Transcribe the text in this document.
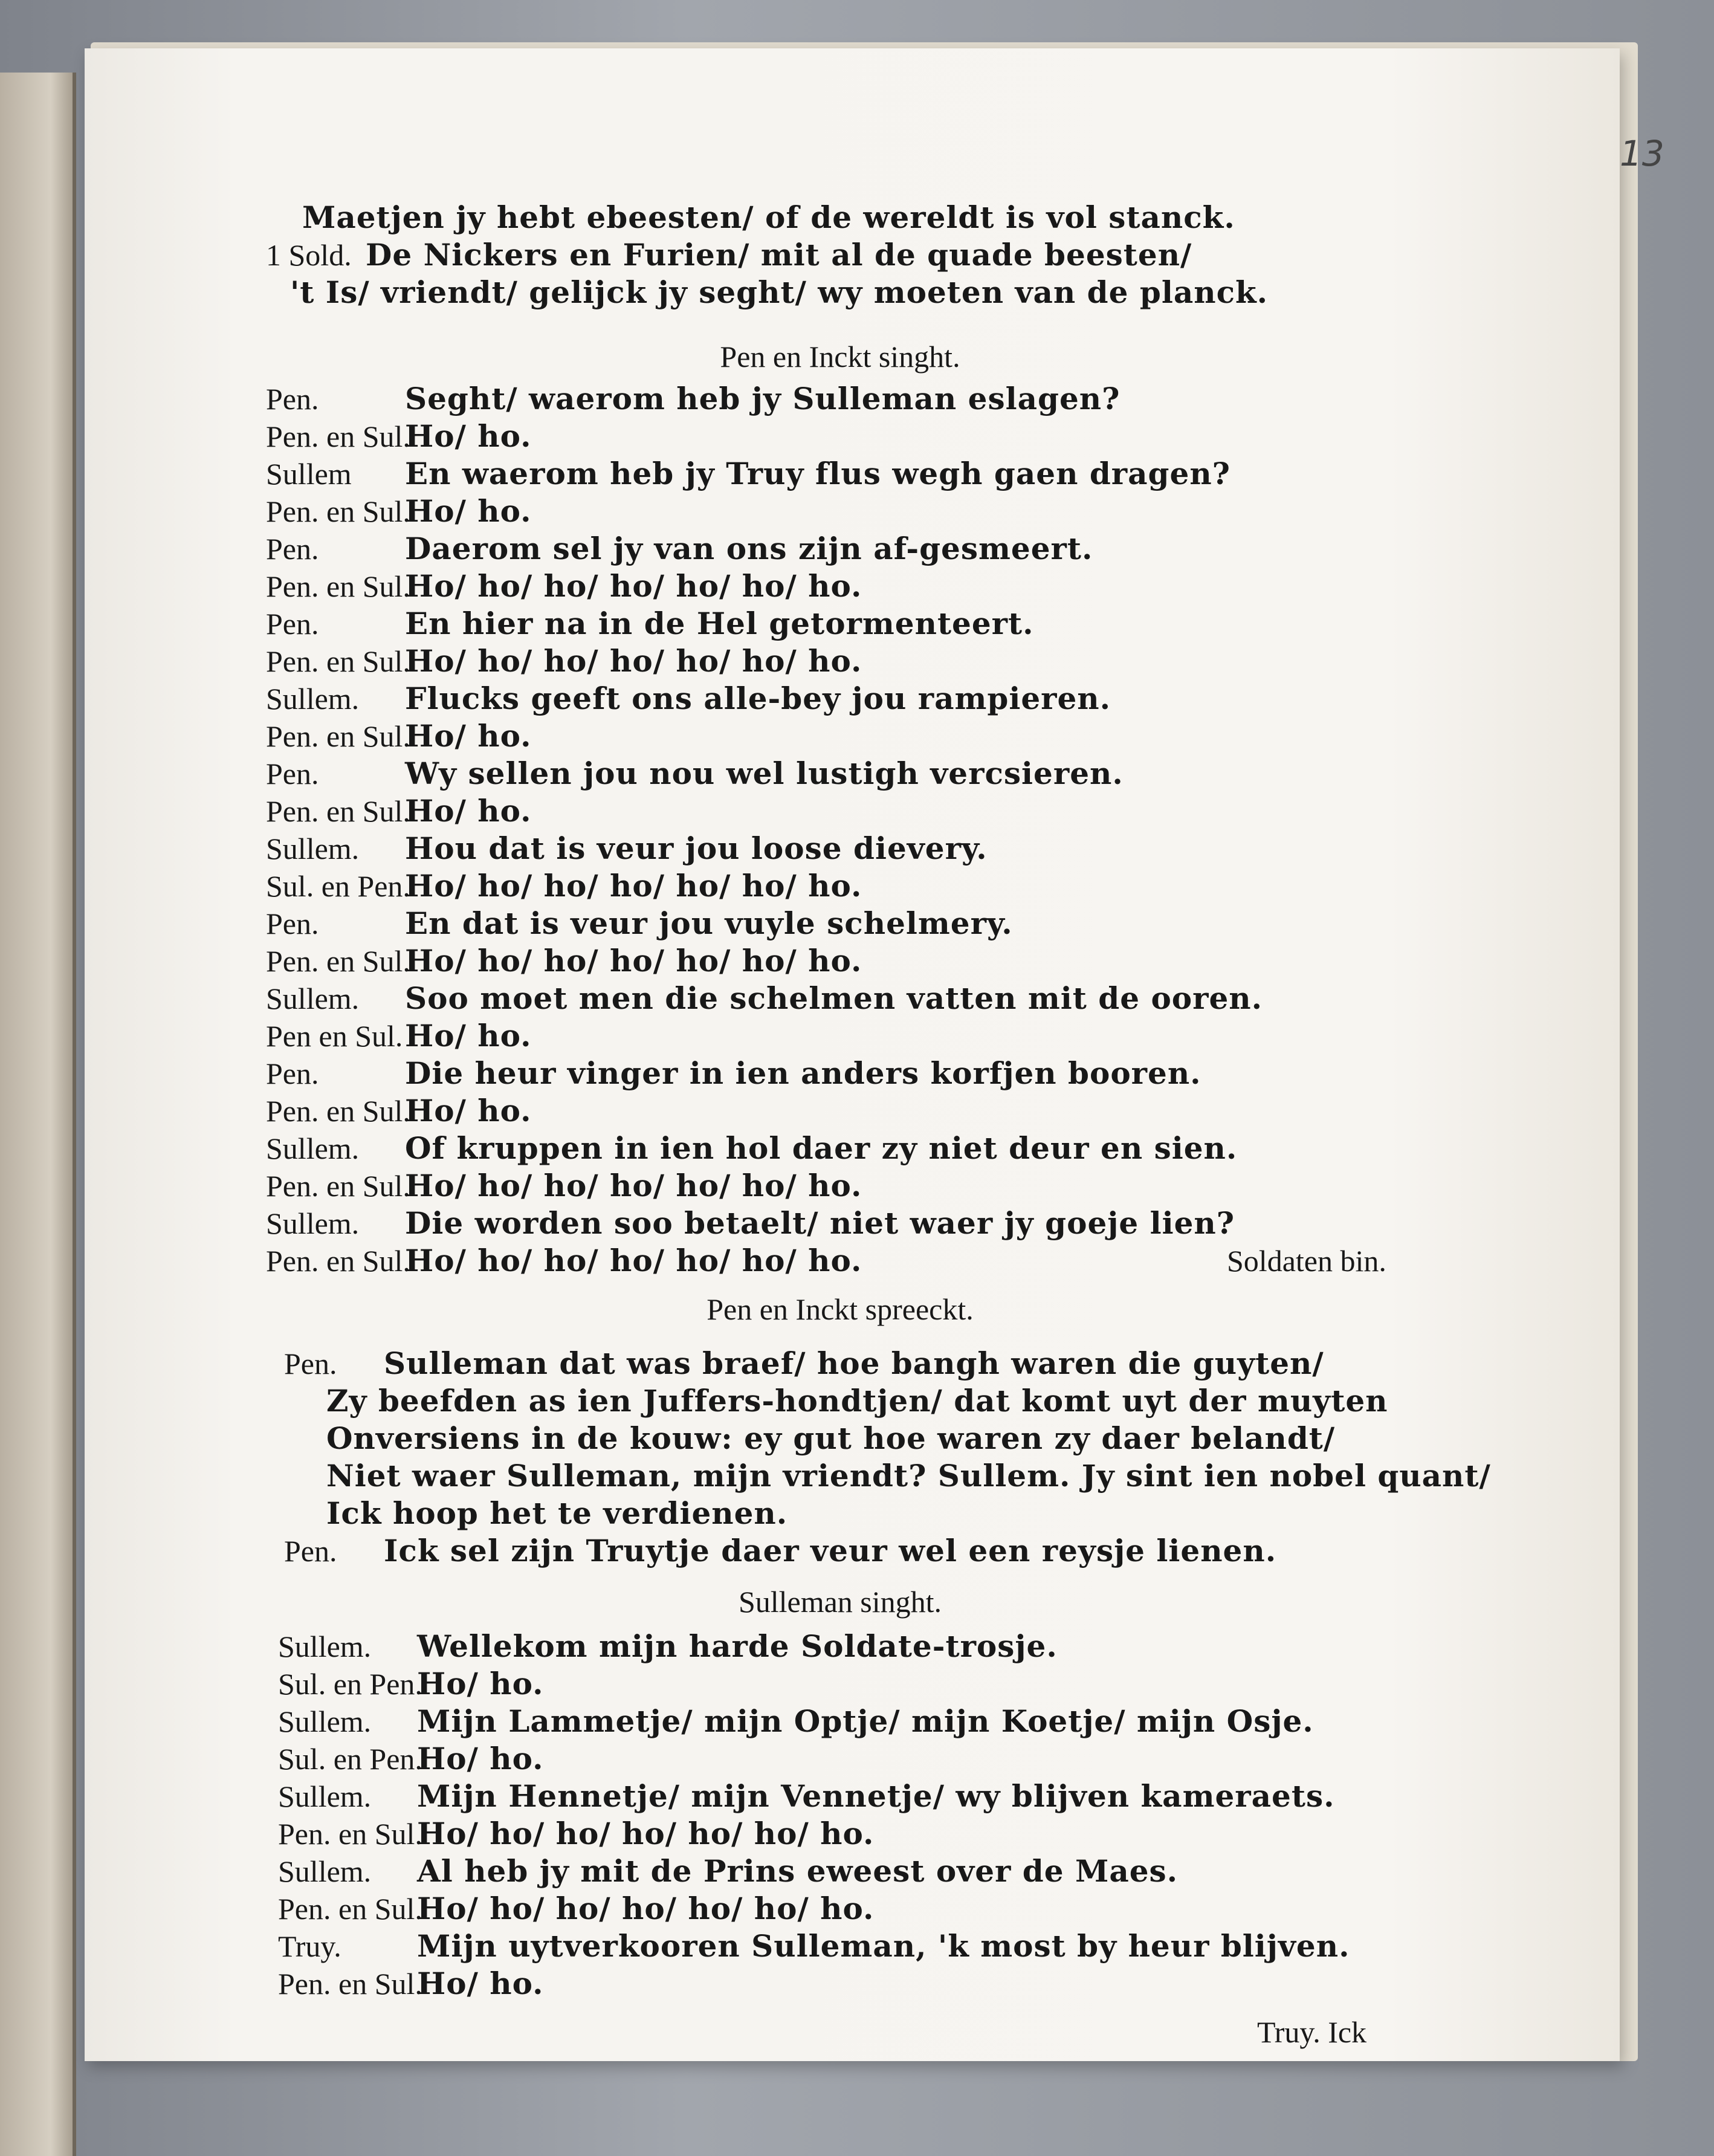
13
Maetjen jy hebt ebeesten/ of de wereldt is vol stanck.
1 Sold. De Nickers en Furien/ mit al de quade beesten/
't Is/ vriendt/ gelijck jy seght/ wy moeten van de planck.
Pen en Inckt singht.
Pen.	Seght/ waerom heb jy Sulleman eslagen?
Pen. en Sul.Ho/ ho.
Sullem En waerom heb jy Truy flus wegh gaen dragen?
Pen. en Sul.Ho/ ho.
Pen.	Daerom sel jy van ons zijn af-gesmeert.
Pen. en Sul.Ho/ ho/ ho/ ho/ ho/ ho/ ho.
Pen.	En hier na in de Hel getormenteert.
Pen. en Sul.Ho/ ho/ ho/ ho/ ho/ ho/ ho.
Sullem. Flucks geeft ons alle-bey jou rampieren.
Pen. en Sul.Ho/ ho.
Pen.	Wy sellen jou nou wel lustigh vercsieren.
Pen. en Sul.Ho/ ho.
Sullem. Hou dat is veur jou loose dievery.
Sul. en Pen.Ho/ ho/ ho/ ho/ ho/ ho/ ho.
Pen.	En dat is veur jou vuyle schelmery.
Pen. en Sul.Ho/ ho/ ho/ ho/ ho/ ho/ ho.
Sullem. Soo moet men die schelmen vatten mit de ooren.
Pen en Sul.Ho/ ho.
Pen.	Die heur vinger in ien anders korfjen booren.
Pen. en Sul.Ho/ ho.
Sullem. Of kruppen in ien hol daer zy niet deur en sien.
Pen. en Sul.Ho/ ho/ ho/ ho/ ho/ ho/ ho.
Sullem. Die worden soo betaelt/ niet waer jy goeje lien?
Pen. en Sul.Ho/ ho/ ho/ ho/ ho/ ho/ ho.	Soldaten bin.
Pen en Inckt spreeckt.
Pen. Sulleman dat was braef/ hoe bangh waren die guyten/
Zy beefden as ien Juffers-hondtjen/ dat komt uyt der muyten
Onversiens in de kouw: ey gut hoe waren zy daer belandt/
Niet waer Sulleman, mijn vriendt? Sullem. Jy sint ien nobel quant/
Ick hoop het te verdienen.
Pen. Ick sel zijn Truytje daer veur wel een reysje lienen.
Sulleman singht.
Sullem. Wellekom mijn harde Soldate-trosje.
Sul. en Pen.Ho/ ho.
Sullem. Mijn Lammetje/ mijn Optje/ mijn Koetje/ mijn Osje.
Sul. en Pen.Ho/ ho.
Sullem. Mijn Hennetje/ mijn Vennetje/ wy blijven kameraets.
Pen. en Sul.Ho/ ho/ ho/ ho/ ho/ ho/ ho.
Sullem. Al heb jy mit de Prins eweest over de Maes.
Pen. en Sul.Ho/ ho/ ho/ ho/ ho/ ho/ ho.
Truy.	Mijn uytverkooren Sulleman, 'k most by heur blijven.
Pen. en Sul.Ho/ ho.
Truy. Ick
